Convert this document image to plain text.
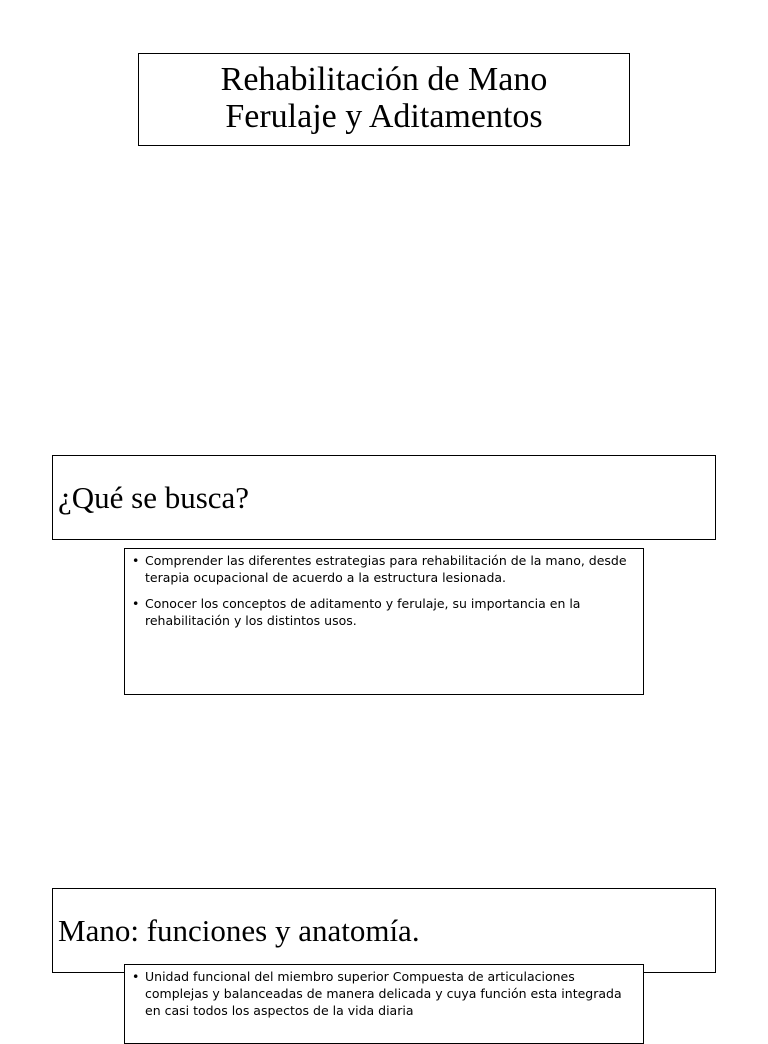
Rehabilitación de Mano
Ferulaje y Aditamentos
¿Qué se busca?
• Comprender las diferentes estrategias para rehabilitación de la mano, desde terapia ocupacional de acuerdo a la estructura lesionada.
• Conocer los conceptos de aditamento y ferulaje, su importancia en la rehabilitación y los distintos usos.
Mano: funciones y anatomía.
• Unidad funcional del miembro superior Compuesta de articulaciones complejas y balanceadas de manera delicada y cuya función esta integrada en casi todos los aspectos de la vida diaria
